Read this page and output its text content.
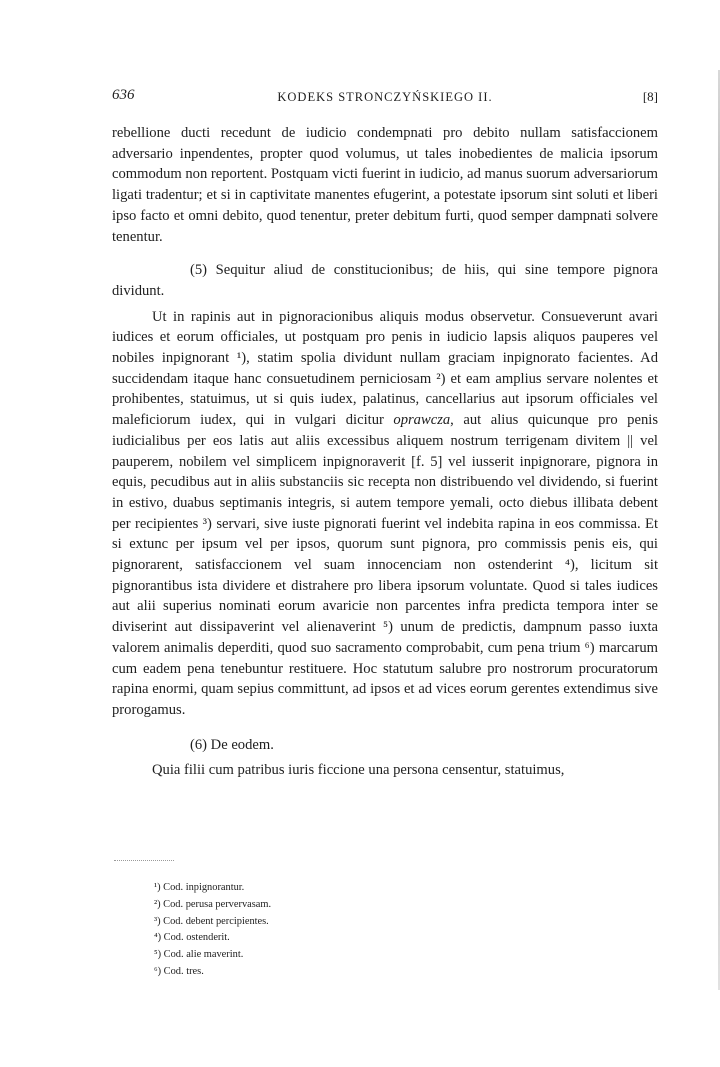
636	KODEKS STRONCZYŃSKIEGO II.	[8]

rebellione ducti recedunt de iudicio condempnati pro debito nullam satisfaccionem adversario inpendentes, propter quod volumus, ut tales inobedientes de malicia ipsorum commodum non reportent. Postquam victi fuerint in iudicio, ad manus suorum adversariorum ligati tradentur; et si in captivitate manentes efugerint, a potestate ipsorum sint soluti et liberi ipso facto et omni debito, quod tenentur, preter debitum furti, quod semper dampnati solvere tenentur.

(5) Sequitur aliud de constitucionibus; de hiis, qui sine tempore pignora dividunt.

Ut in rapinis aut in pignoracionibus aliquis modus observetur. Consueverunt avari iudices et eorum officiales, ut postquam pro penis in iudicio lapsis aliquos pauperes vel nobiles inpignorant ¹), statim spolia dividunt nullam graciam inpignorato facientes. Ad succidendam itaque hanc consuetudinem perniciosam ²) et eam amplius servare nolentes et prohibentes, statuimus, ut si quis iudex, palatinus, cancellarius aut ipsorum officiales vel maleficiorum iudex, qui in vulgari dicitur oprawcza, aut alius quicunque pro penis iudicialibus per eos latis aut aliis excessibus aliquem nostrum terrigenam divitem || vel pauperem, nobilem vel simplicem inpignoraverit [f. 5] vel iusserit inpignorare, pignora in equis, pecudibus aut in aliis substanciis sic recepta non distribuendo vel dividendo, si fuerint in estivo, duabus septimanis integris, si autem tempore yemali, octo diebus illibata debent per recipientes ³) servari, sive iuste pignorati fuerint vel indebita rapina in eos commissa. Et si extunc per ipsum vel per ipsos, quorum sunt pignora, pro commissis penis eis, qui pignorarent, satisfaccionem vel suam innocenciam non ostenderint ⁴), licitum sit pignorantibus ista dividere et distrahere pro libera ipsorum voluntate. Quod si tales iudices aut alii superius nominati eorum avaricie non parcentes infra predicta tempora inter se diviserint aut dissipaverint vel alienaverint ⁵) unum de predictis, dampnum passo iuxta valorem animalis deperditi, quod suo sacramento comprobabit, cum pena trium ⁶) marcarum cum eadem pena tenebuntur restituere. Hoc statutum salubre pro nostrorum procuratorum rapina enormi, quam sepius committunt, ad ipsos et ad vices eorum gerentes extendimus sive prorogamus.

(6) De eodem.

Quia filii cum patribus iuris ficcione una persona censentur, statuimus,

¹) Cod. inpignorantur.
²) Cod. perusa pervervasam.
³) Cod. debent percipientes.
⁴) Cod. ostenderit.
⁵) Cod. alie maverint.
⁶) Cod. tres.
